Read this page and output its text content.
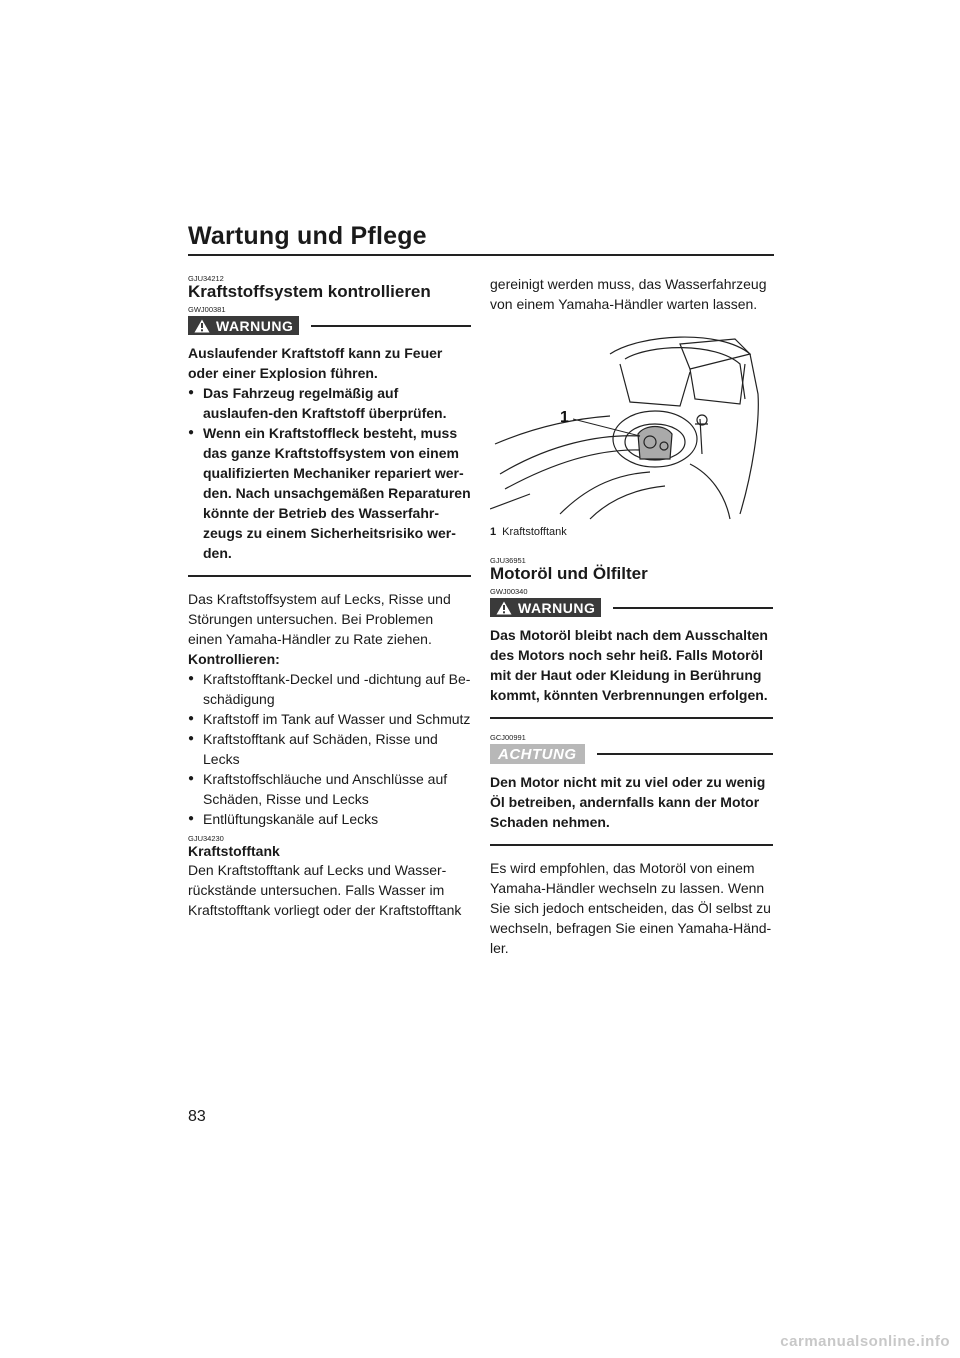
Wartung und Pflege
GJU34212
Kraftstoffsystem kontrollieren
GWJ00381
WARNUNG
Auslaufender Kraftstoff kann zu Feuer oder einer Explosion führen.
● Das Fahrzeug regelmäßig auf auslaufen-den Kraftstoff überprüfen.
● Wenn ein Kraftstoffleck besteht, muss das ganze Kraftstoffsystem von einem qualifizierten Mechaniker repariert wer-den. Nach unsachgemäßen Reparaturen könnte der Betrieb des Wasserfahr-zeugs zu einem Sicherheitsrisiko wer-den.
Das Kraftstoffsystem auf Lecks, Risse und Störungen untersuchen. Bei Problemen einen Yamaha-Händler zu Rate ziehen.
Kontrollieren:
● Kraftstofftank-Deckel und -dichtung auf Be-schädigung
● Kraftstoff im Tank auf Wasser und Schmutz
● Kraftstofftank auf Schäden, Risse und Lecks
● Kraftstoffschläuche und Anschlüsse auf Schäden, Risse und Lecks
● Entlüftungskanäle auf Lecks
GJU34230
Kraftstofftank
Den Kraftstofftank auf Lecks und Wasser-rückstände untersuchen. Falls Wasser im Kraftstofftank vorliegt oder der Kraftstofftank
gereinigt werden muss, das Wasserfahrzeug von einem Yamaha-Händler warten lassen.
1
1 Kraftstofftank
GJU36951
Motoröl und Ölfilter
GWJ00340
WARNUNG
Das Motoröl bleibt nach dem Ausschalten des Motors noch sehr heiß. Falls Motoröl mit der Haut oder Kleidung in Berührung kommt, könnten Verbrennungen erfolgen.
GCJ00991
ACHTUNG
Den Motor nicht mit zu viel oder zu wenig Öl betreiben, andernfalls kann der Motor Schaden nehmen.
Es wird empfohlen, das Motoröl von einem Yamaha-Händler wechseln zu lassen. Wenn Sie sich jedoch entscheiden, das Öl selbst zu wechseln, befragen Sie einen Yamaha-Händ-ler.
83
carmanualsonline.info
